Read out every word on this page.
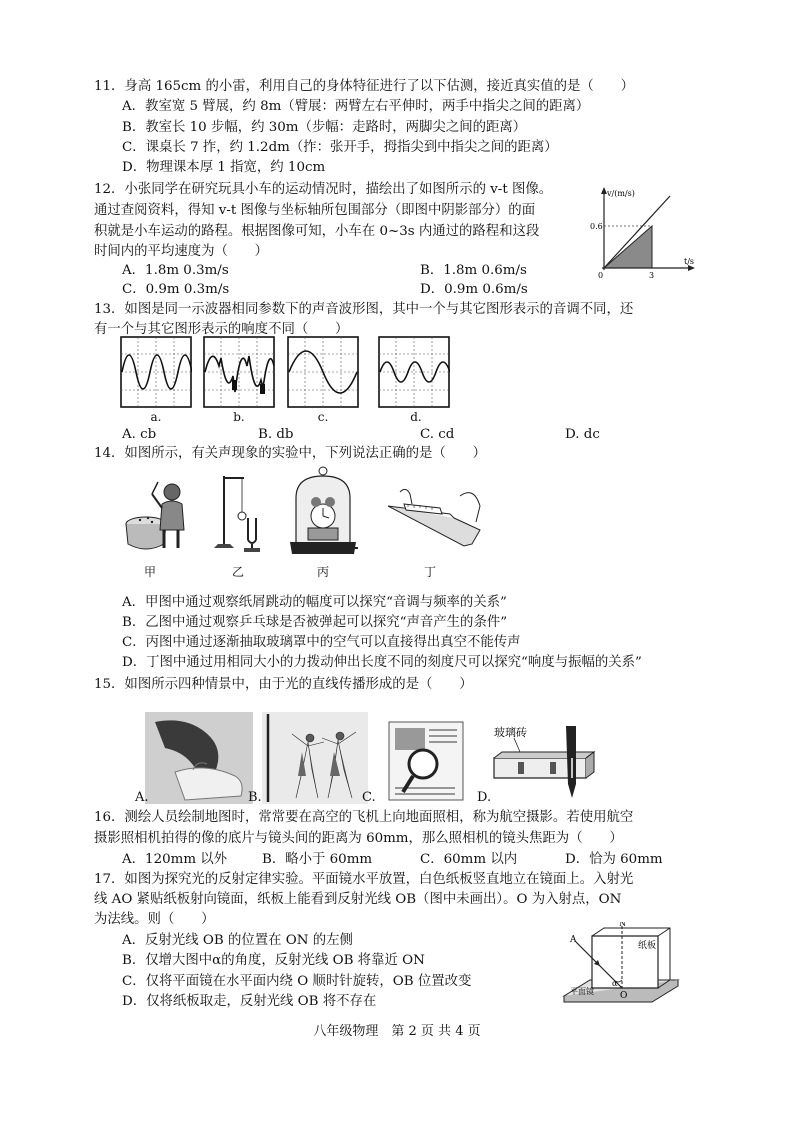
11．身高 165cm 的小雷，利用自己的身体特征进行了以下估测，接近真实值的是（　　）
A．教室宽 5 臂展，约 8m（臂展：两臂左右平伸时，两手中指尖之间的距离）
B．教室长 10 步幅，约 30m（步幅：走路时，两脚尖之间的距离）
C．课桌长 7 拃，约 1.2dm（拃：张开手，拇指尖到中指尖之间的距离）
D．物理课本厚 1 指宽，约 10cm
12．小张同学在研究玩具小车的运动情况时，描绘出了如图所示的 v-t 图像。
通过查阅资料，得知 v-t 图像与坐标轴所包围部分（即图中阴影部分）的面
积就是小车运动的路程。根据图像可知，小车在 0~3s 内通过的路程和这段
时间内的平均速度为（　　）
A．1.8m 0.3m/s	B．1.8m 0.6m/s
C．0.9m 0.3m/s	D．0.9m 0.6m/s
v/(m/s)
0.6
3
0
t/s
13．如图是同一示波器相同参数下的声音波形图，其中一个与其它图形表示的音调不同，还
有一个与其它图形表示的响度不同（　　）
a.	b.	c.	d.
A. cb	B. db	C. cd	D. dc
14．如图所示，有关声现象的实验中，下列说法正确的是（　　）
甲	乙	丙	丁
A．甲图中通过观察纸屑跳动的幅度可以探究“音调与频率的关系”
B．乙图中通过观察乒乓球是否被弹起可以探究“声音产生的条件”
C．丙图中通过逐渐抽取玻璃罩中的空气可以直接得出真空不能传声
D．丁图中通过用相同大小的力拨动伸出长度不同的刻度尺可以探究“响度与振幅的关系”
15．如图所示四种情景中，由于光的直线传播形成的是（　　）
玻璃砖
A.	B.	C.	D.
16．测绘人员绘制地图时，常常要在高空的飞机上向地面照相，称为航空摄影。若使用航空
摄影照相机拍得的像的底片与镜头间的距离为 60mm，那么照相机的镜头焦距为（　　）
A．120mm 以外	B．略小于 60mm	C．60mm 以内	D．恰为 60mm
17．如图为探究光的反射定律实验。平面镜水平放置，白色纸板竖直地立在镜面上。入射光
线 AO 紧贴纸板射向镜面，纸板上能看到反射光线 OB（图中未画出）。O 为入射点，ON
为法线。则（　　）
A．反射光线 OB 的位置在 ON 的左侧
B．仅增大图中α的角度，反射光线 OB 将靠近 ON
C．仅将平面镜在水平面内绕 O 顺时针旋转，OB 位置改变
D．仅将纸板取走，反射光线 OB 将不存在
A
N
O
α
纸板
平面镜
八年级物理　第 2 页 共 4 页
